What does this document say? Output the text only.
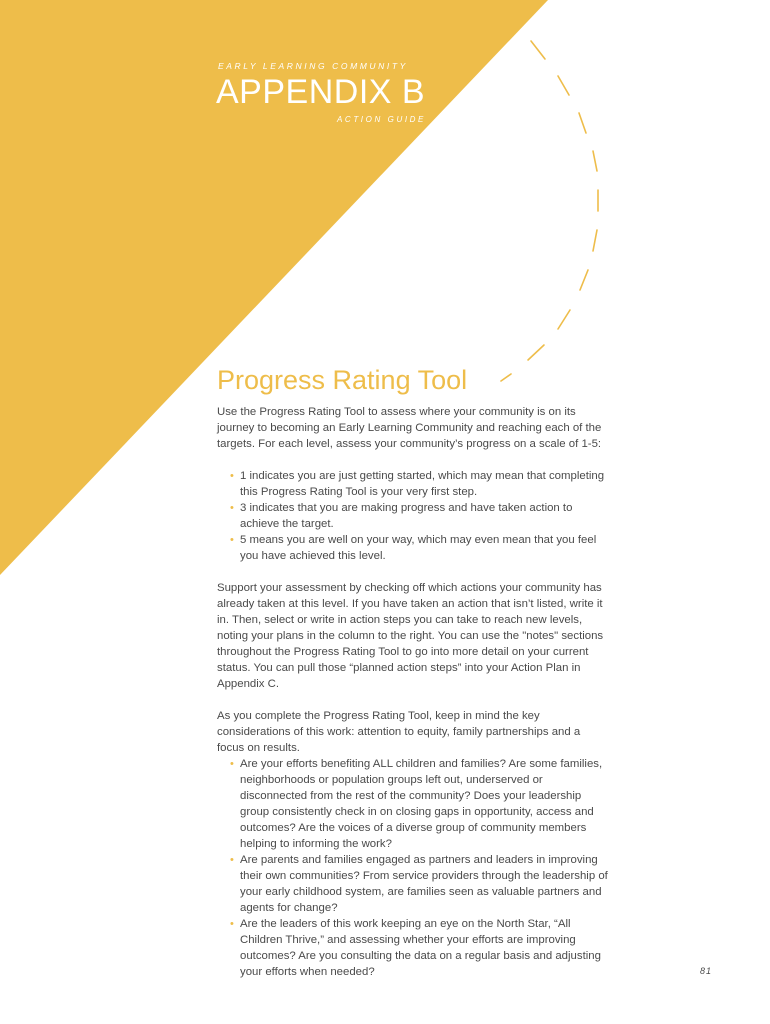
EARLY LEARNING COMMUNITY
APPENDIX B
ACTION GUIDE
Progress Rating Tool

Use the Progress Rating Tool to assess where your community is on its journey to becoming an Early Learning Community and reaching each of the targets. For each level, assess your community’s progress on a scale of 1-5:

• 1 indicates you are just getting started, which may mean that completing this Progress Rating Tool is your very first step.
• 3 indicates that you are making progress and have taken action to achieve the target.
• 5 means you are well on your way, which may even mean that you feel you have achieved this level.

Support your assessment by checking off which actions your community has already taken at this level. If you have taken an action that isn’t listed, write it in. Then, select or write in action steps you can take to reach new levels, noting your plans in the column to the right. You can use the "notes" sections throughout the Progress Rating Tool to go into more detail on your current status. You can pull those “planned action steps” into your Action Plan in Appendix C.

As you complete the Progress Rating Tool, keep in mind the key considerations of this work: attention to equity, family partnerships and a focus on results.

• Are your efforts benefiting ALL children and families? Are some families, neighborhoods or population groups left out, underserved or disconnected from the rest of the community? Does your leadership group consistently check in on closing gaps in opportunity, access and outcomes? Are the voices of a diverse group of community members helping to informing the work?
• Are parents and families engaged as partners and leaders in improving their own communities? From service providers through the leadership of your early childhood system, are families seen as valuable partners and agents for change?
• Are the leaders of this work keeping an eye on the North Star, “All Children Thrive,” and assessing whether your efforts are improving outcomes? Are you consulting the data on a regular basis and adjusting your efforts when needed?	81
